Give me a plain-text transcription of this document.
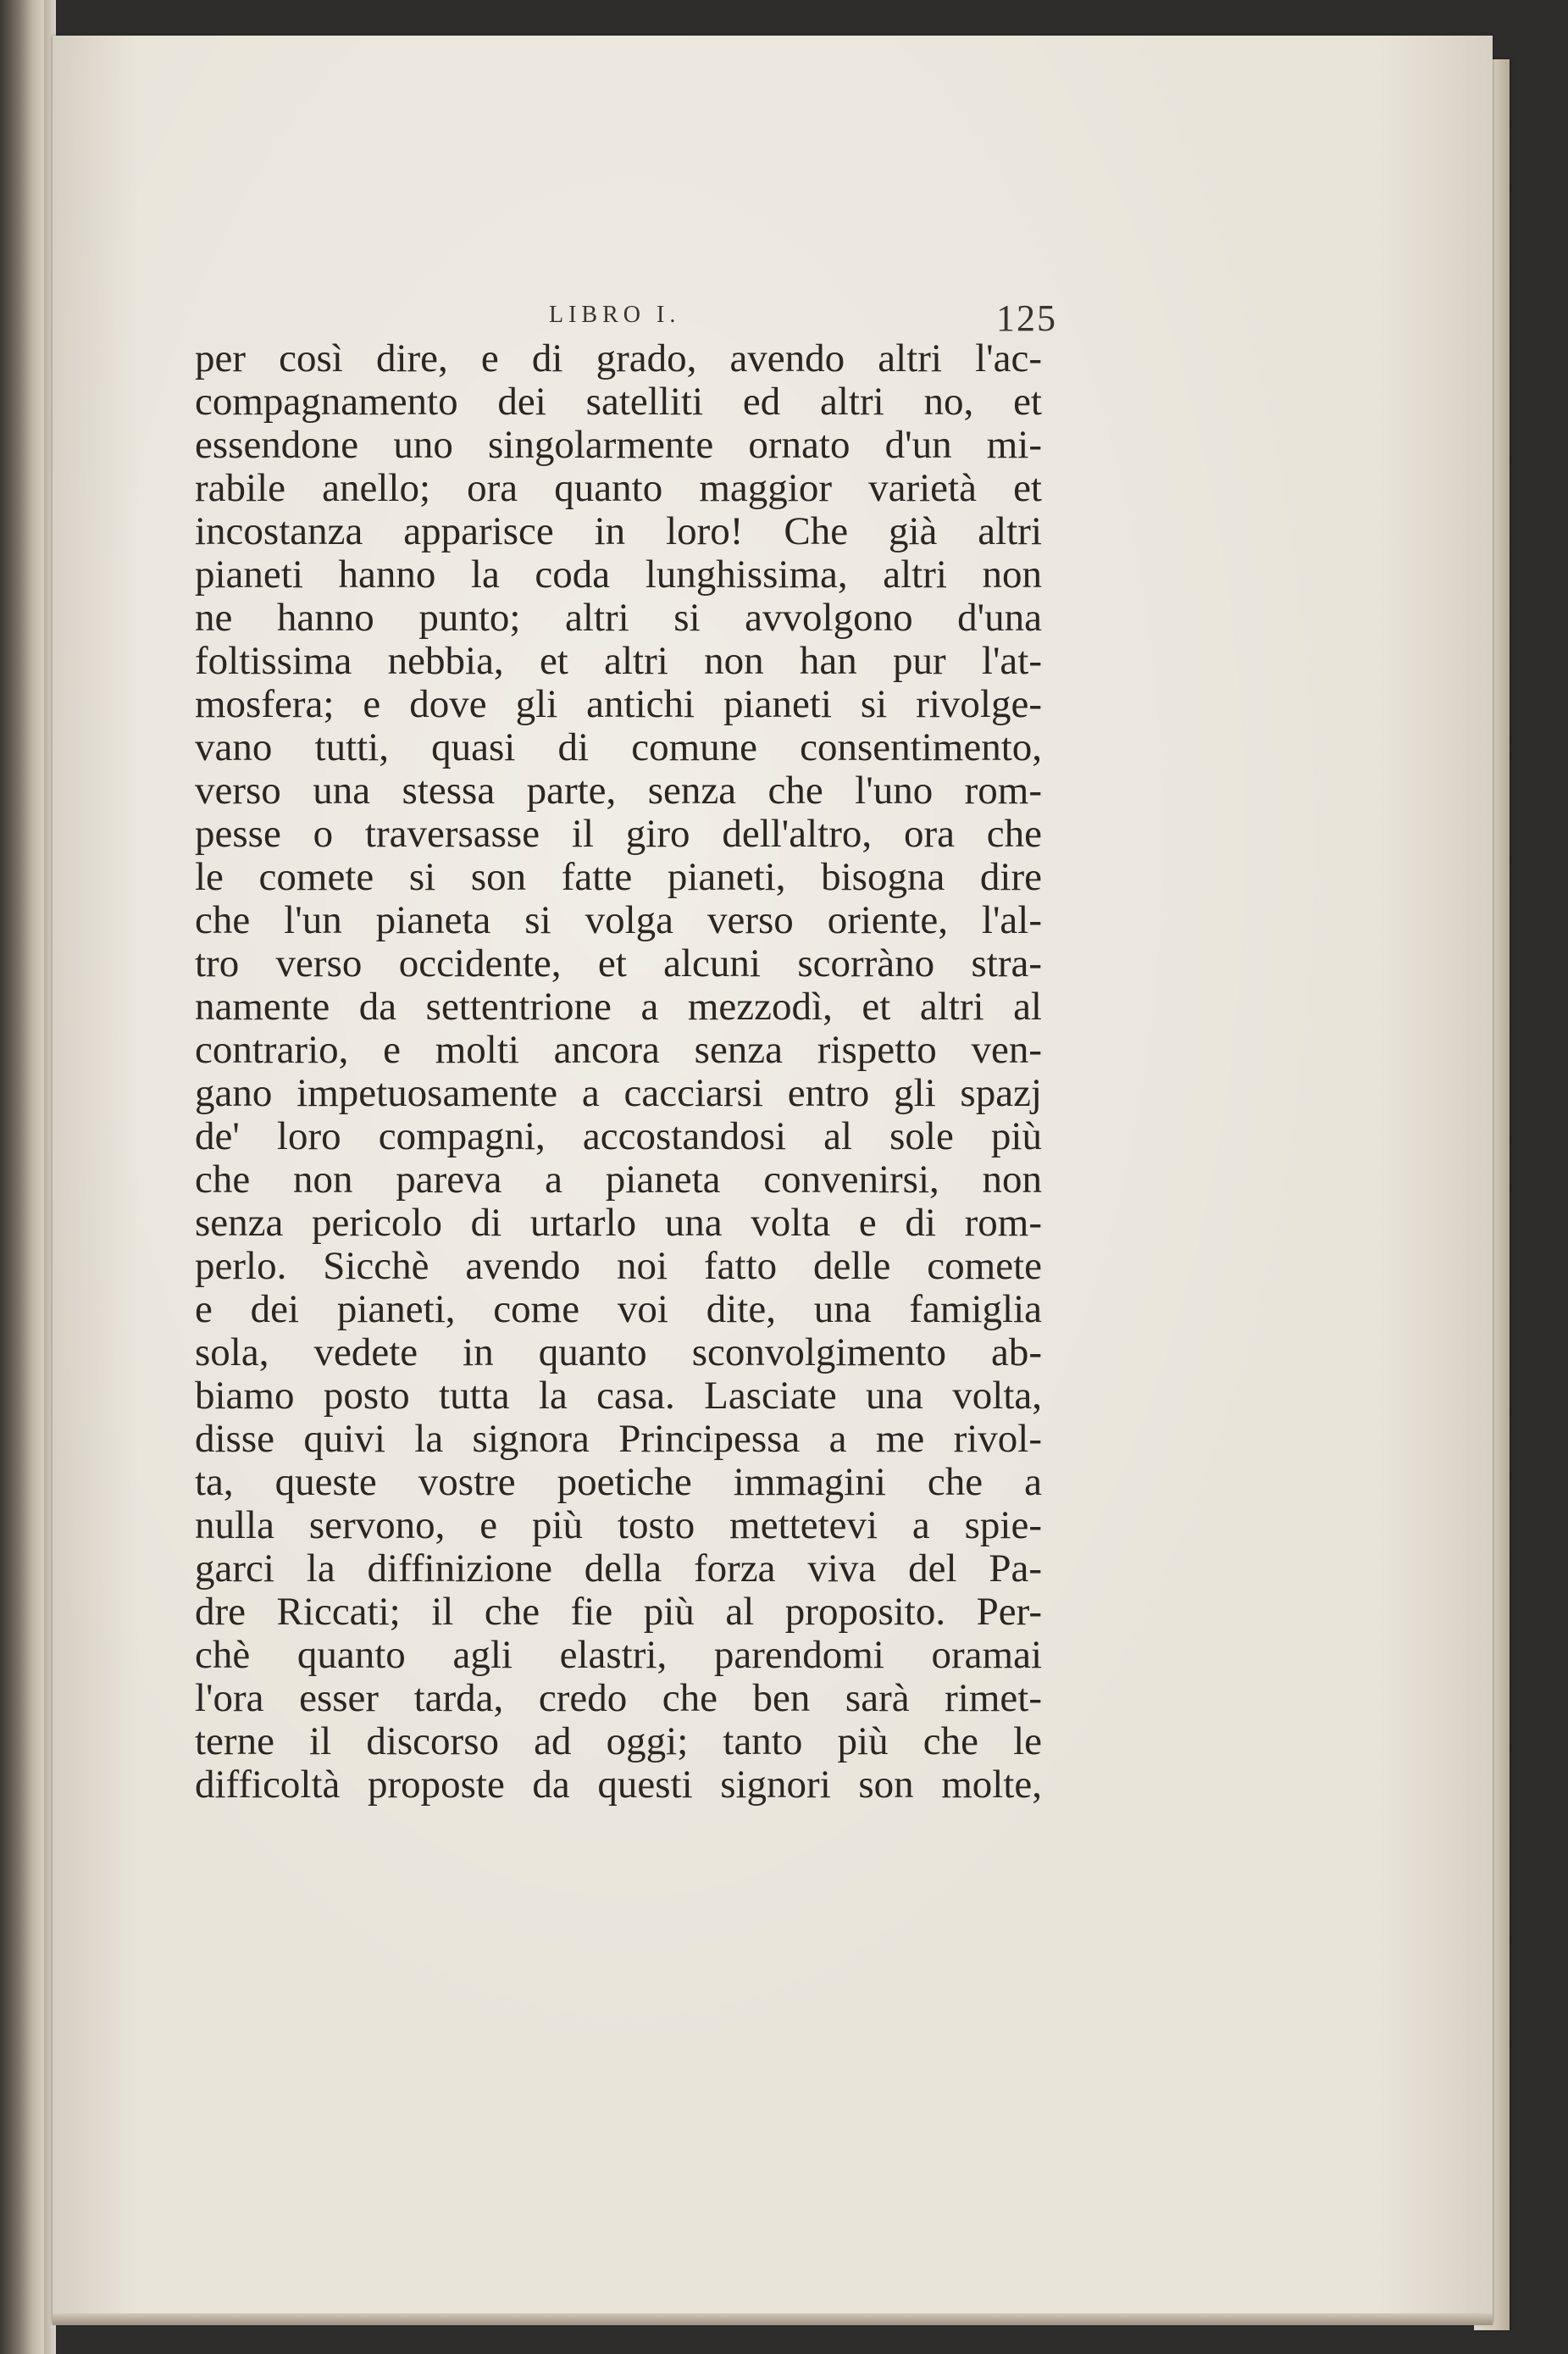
LIBRO I.	125
per così dire, e di grado, avendo altri l'ac-
compagnamento dei satelliti ed altri no, et
essendone uno singolarmente ornato d'un mi-
rabile anello; ora quanto maggior varietà et
incostanza apparisce in loro! Che già altri
pianeti hanno la coda lunghissima, altri non
ne hanno punto; altri si avvolgono d'una
foltissima nebbia, et altri non han pur l'at-
mosfera; e dove gli antichi pianeti si rivolge-
vano tutti, quasi di comune consentimento,
verso una stessa parte, senza che l'uno rom-
pesse o traversasse il giro dell'altro, ora che
le comete si son fatte pianeti, bisogna dire
che l'un pianeta si volga verso oriente, l'al-
tro verso occidente, et alcuni scorràno stra-
namente da settentrione a mezzodì, et altri al
contrario, e molti ancora senza rispetto ven-
gano impetuosamente a cacciarsi entro gli spazj
de' loro compagni, accostandosi al sole più
che non pareva a pianeta convenirsi, non
senza pericolo di urtarlo una volta e di rom-
perlo. Sicchè avendo noi fatto delle comete
e dei pianeti, come voi dite, una famiglia
sola, vedete in quanto sconvolgimento ab-
biamo posto tutta la casa. Lasciate una volta,
disse quivi la signora Principessa a me rivol-
ta, queste vostre poetiche immagini che a
nulla servono, e più tosto mettetevi a spie-
garci la diffinizione della forza viva del Pa-
dre Riccati; il che fie più al proposito. Per-
chè quanto agli elastri, parendomi oramai
l'ora esser tarda, credo che ben sarà rimet-
terne il discorso ad oggi; tanto più che le
difficoltà proposte da questi signori son molte,
